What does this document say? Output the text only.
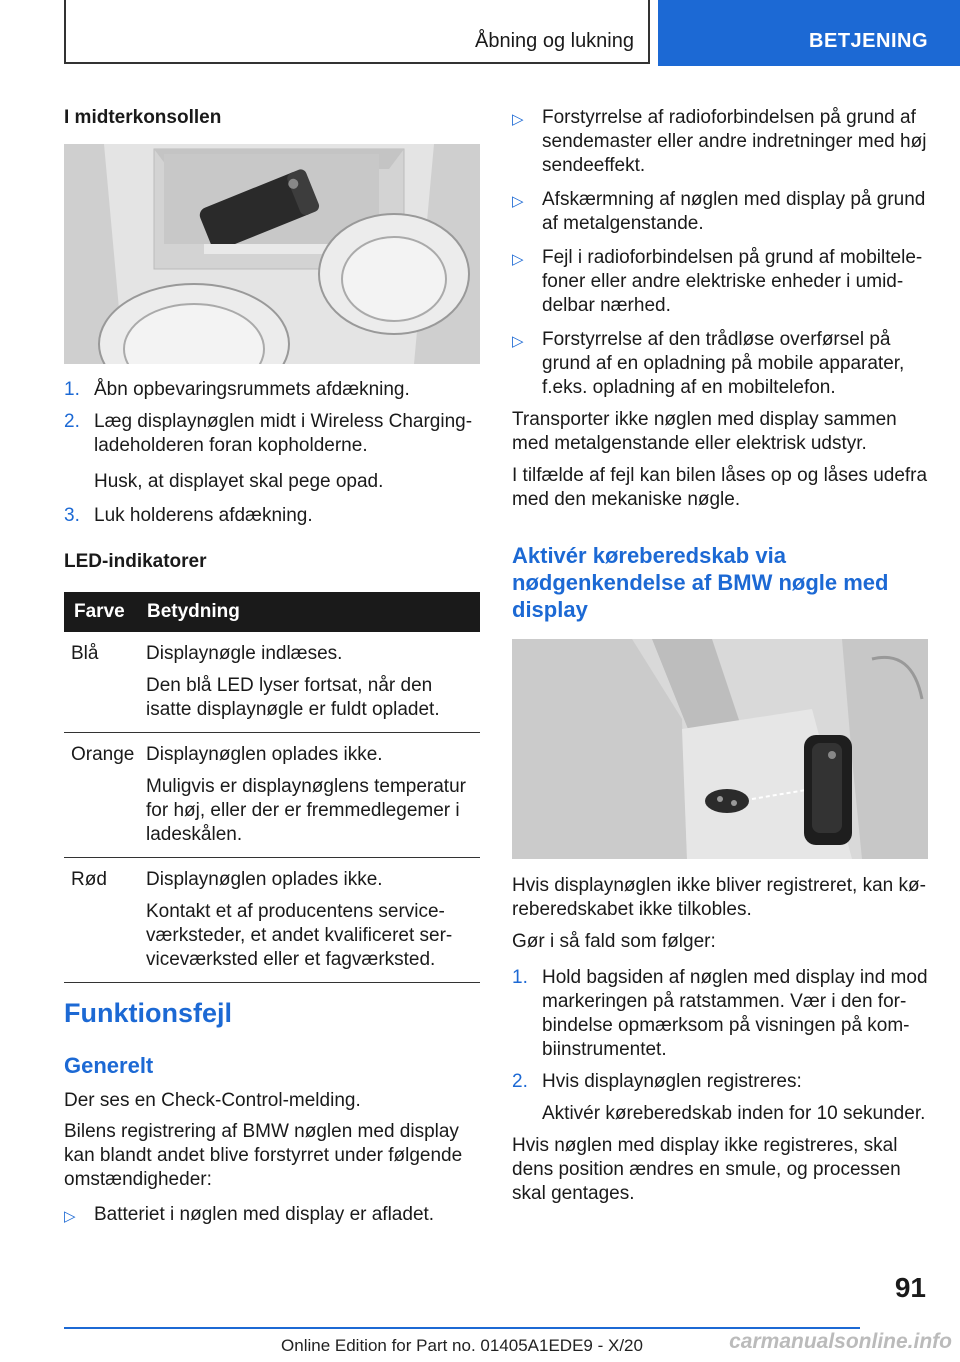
Åbning og lukning	BETJENING
I midterkonsollen
1. Åbn opbevaringsrummets afdækning.
2. Læg displaynøglen midt i Wireless Charging-
ladeholderen foran kopholderne.
Husk, at displayet skal pege opad.
3. Luk holderens afdækning.
LED-indikatorer
Farve	Betydning
Blå	Displaynøgle indlæses.
Den blå LED lyser fortsat, når den
isatte displaynøgle er fuldt opladet.

Orange	Displaynøglen oplades ikke.
Muligvis er displaynøglens temperatur
for høj, eller der er fremmedlegemer i
ladeskålen.

Rød	Displaynøglen oplades ikke.
Kontakt et af producentens service-
værksteder, et andet kvalificeret ser-
viceværksted eller et fagværksted.
Funktionsfejl
Generelt
Der ses en Check-Control-melding.
Bilens registrering af BMW nøglen med display
kan blandt andet blive forstyrret under følgende
omstændigheder:
▷ Batteriet i nøglen med display er afladet.
▷ Forstyrrelse af radioforbindelsen på grund af
sendemaster eller andre indretninger med høj
sendeeffekt.
▷ Afskærmning af nøglen med display på grund
af metalgenstande.
▷ Fejl i radioforbindelsen på grund af mobiltele-
foner eller andre elektriske enheder i umid-
delbar nærhed.
▷ Forstyrrelse af den trådløse overførsel på
grund af en opladning på mobile apparater,
f.eks. opladning af en mobiltelefon.
Transporter ikke nøglen med display sammen
med metalgenstande eller elektrisk udstyr.
I tilfælde af fejl kan bilen låses op og låses udefra
med den mekaniske nøgle.
Aktivér køreberedskab via
nødgenkendelse af BMW nøgle med
display
Hvis displaynøglen ikke bliver registreret, kan kø-
reberedskabet ikke tilkobles.
Gør i så fald som følger:
1. Hold bagsiden af nøglen med display ind mod
markeringen på ratstammen. Vær i den for-
bindelse opmærksom på visningen på kom-
biinstrumentet.
2. Hvis displaynøglen registreres:
Aktivér køreberedskab inden for 10 sekunder.
Hvis nøglen med display ikke registreres, skal
dens position ændres en smule, og processen
skal gentages.
91
Online Edition for Part no. 01405A1EDE9 - X/20	carmanualsonline.info
